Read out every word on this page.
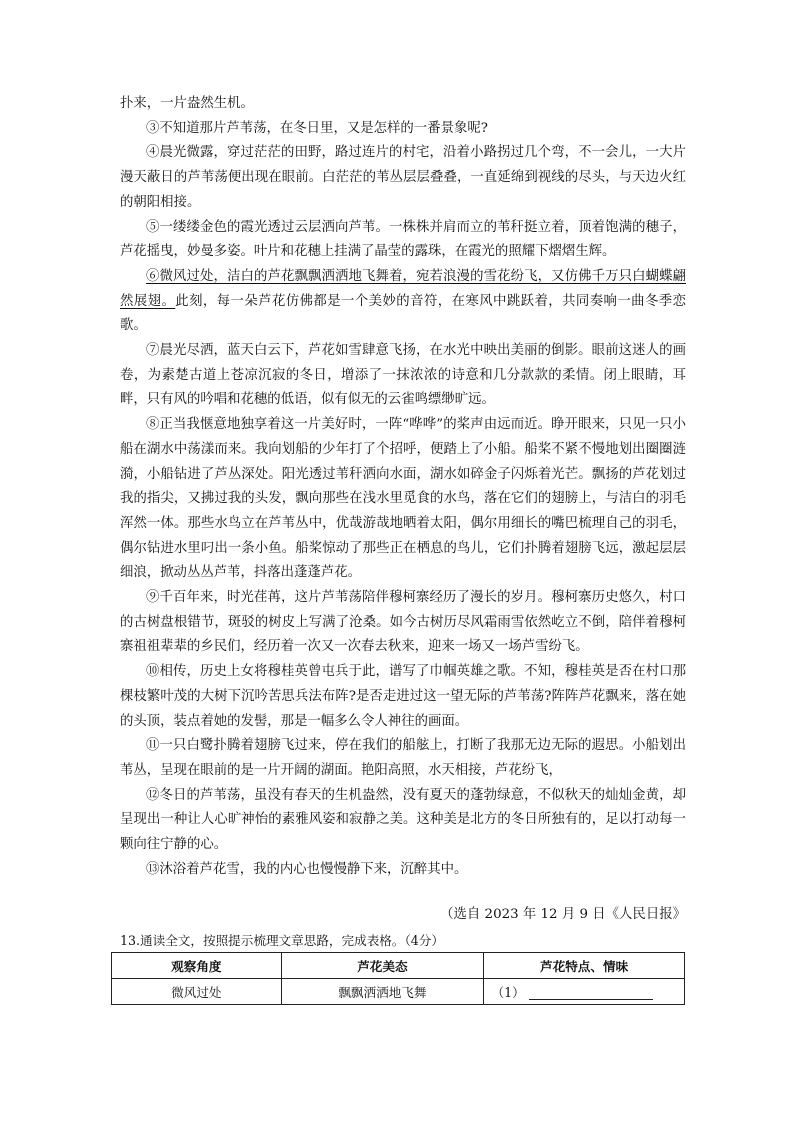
扑来，一片盎然生机。

③不知道那片芦苇荡，在冬日里，又是怎样的一番景象呢?

④晨光微露，穿过茫茫的田野，路过连片的村宅，沿着小路拐过几个弯，不一会儿，一大片漫天蔽日的芦苇荡便出现在眼前。白茫茫的苇丛层层叠叠，一直延绵到视线的尽头，与天边火红的朝阳相接。

⑤一缕缕金色的霞光透过云层洒向芦苇。一株株并肩而立的苇秆挺立着，顶着饱满的穗子，芦花摇曳，妙曼多姿。叶片和花穗上挂满了晶莹的露珠，在霞光的照耀下熠熠生辉。

⑥微风过处，洁白的芦花飘飘洒洒地飞舞着，宛若浪漫的雪花纷飞，又仿佛千万只白蝴蝶翩然展翅。此刻，每一朵芦花仿佛都是一个美妙的音符，在寒风中跳跃着，共同奏响一曲冬季恋歌。

⑦晨光尽洒，蓝天白云下，芦花如雪肆意飞扬，在水光中映出美丽的倒影。眼前这迷人的画卷，为素楚古道上苍凉沉寂的冬日，增添了一抹浓浓的诗意和几分款款的柔情。闭上眼睛，耳畔，只有风的吟唱和花穗的低语，似有似无的云雀鸣缥缈旷远。

⑧正当我惬意地独享着这一片美好时，一阵“哗哗”的桨声由远而近。睁开眼来，只见一只小船在湖水中荡漾而来。我向划船的少年打了个招呼，便踏上了小船。船桨不紧不慢地划出圈圈涟漪，小船钻进了芦丛深处。阳光透过苇秆洒向水面，湖水如碎金子闪烁着光芒。飘扬的芦花划过我的指尖，又拂过我的头发，飘向那些在浅水里觅食的水鸟，落在它们的翅膀上，与洁白的羽毛浑然一体。那些水鸟立在芦苇丛中，优哉游哉地晒着太阳，偶尔用细长的嘴巴梳理自己的羽毛，偶尔钻进水里叼出一条小鱼。船桨惊动了那些正在栖息的鸟儿，它们扑腾着翅膀飞远，激起层层细浪，掀动丛丛芦苇，抖落出蓬蓬芦花。

⑨千百年来，时光荏苒，这片芦苇荡陪伴穆柯寨经历了漫长的岁月。穆柯寨历史悠久，村口的古树盘根错节，斑驳的树皮上写满了沧桑。如今古树历尽风霜雨雪依然屹立不倒，陪伴着穆柯寨祖祖辈辈的乡民们，经历着一次又一次春去秋来，迎来一场又一场芦雪纷飞。

⑩相传，历史上女将穆桂英曾屯兵于此，谱写了巾帼英雄之歌。不知，穆桂英是否在村口那棵枝繁叶茂的大树下沉吟苦思兵法布阵?是否走进过这一望无际的芦苇荡?阵阵芦花飘来，落在她的头顶，装点着她的发髻，那是一幅多么令人神往的画面。

⑪一只白鹭扑腾着翅膀飞过来，停在我们的船舷上，打断了我那无边无际的遐思。小船划出苇丛，呈现在眼前的是一片开阔的湖面。艳阳高照，水天相接，芦花纷飞，

⑫冬日的芦苇荡，虽没有春天的生机盎然，没有夏天的蓬勃绿意，不似秋天的灿灿金黄，却呈现出一种让人心旷神怡的素雅风姿和寂静之美。这种美是北方的冬日所独有的，足以打动每一颗向往宁静的心。

⑬沐浴着芦花雪，我的内心也慢慢静下来，沉醉其中。

（选自 2023 年 12 月 9 日《人民日报》
13.通读全文，按照提示梳理文章思路，完成表格。（4分）
观察角度	芦花美态	芦花特点、情味
微风过处	飘飘洒洒地飞舞	（1）
